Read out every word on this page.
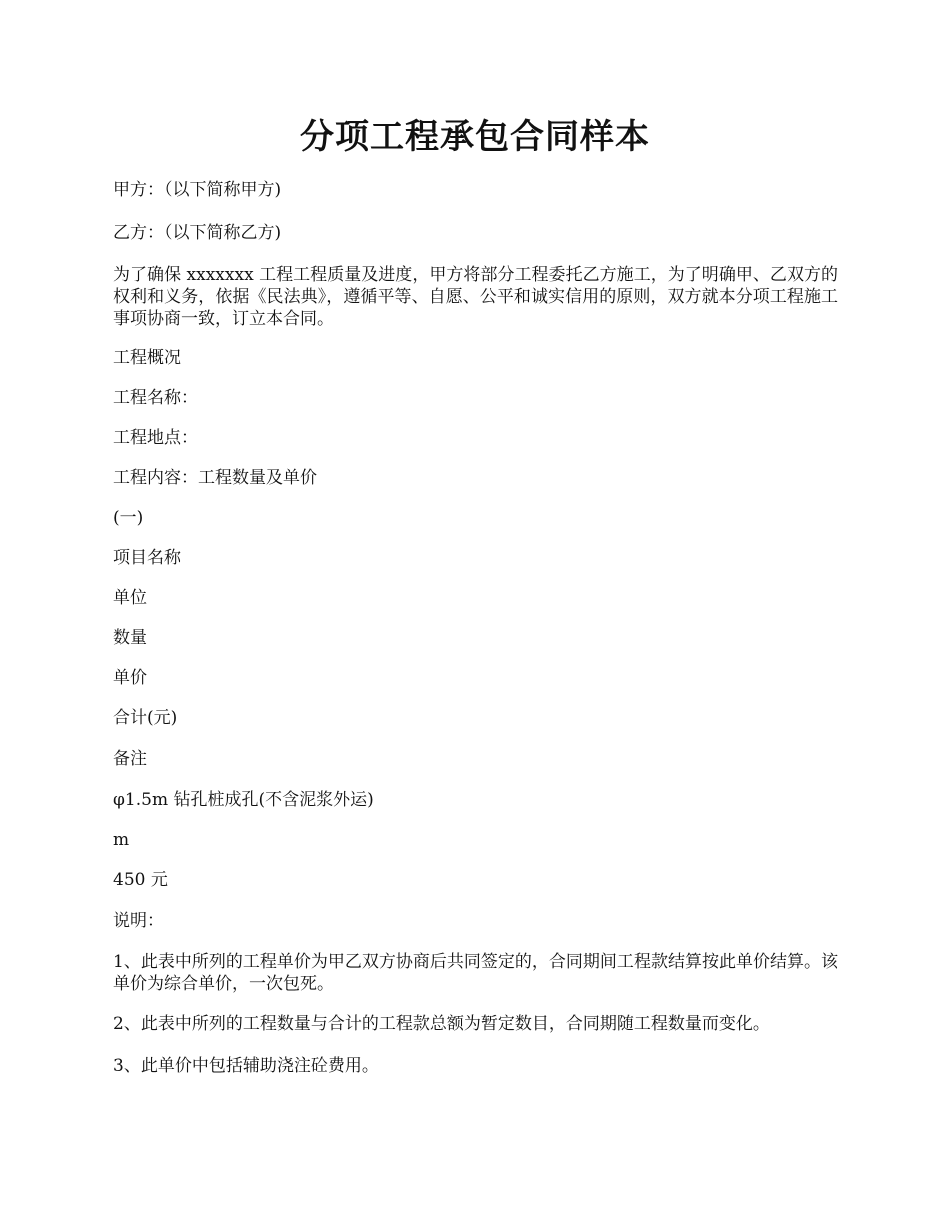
分项工程承包合同样本
甲方：（以下简称甲方)
乙方：（以下简称乙方)
为了确保 xxxxxxx 工程工程质量及进度，甲方将部分工程委托乙方施工，为了明确甲、乙双方的权利和义务，依据《民法典》，遵循平等、自愿、公平和诚实信用的原则，双方就本分项工程施工事项协商一致，订立本合同。
工程概况
工程名称：
工程地点：
工程内容：工程数量及单价
(一)
项目名称
单位
数量
单价
合计(元)
备注
φ1.5m 钻孔桩成孔(不含泥浆外运)
m
450 元
说明：
1、此表中所列的工程单价为甲乙双方协商后共同签定的，合同期间工程款结算按此单价结算。该单价为综合单价，一次包死。
2、此表中所列的工程数量与合计的工程款总额为暂定数目，合同期随工程数量而变化。
3、此单价中包括辅助浇注砼费用。
